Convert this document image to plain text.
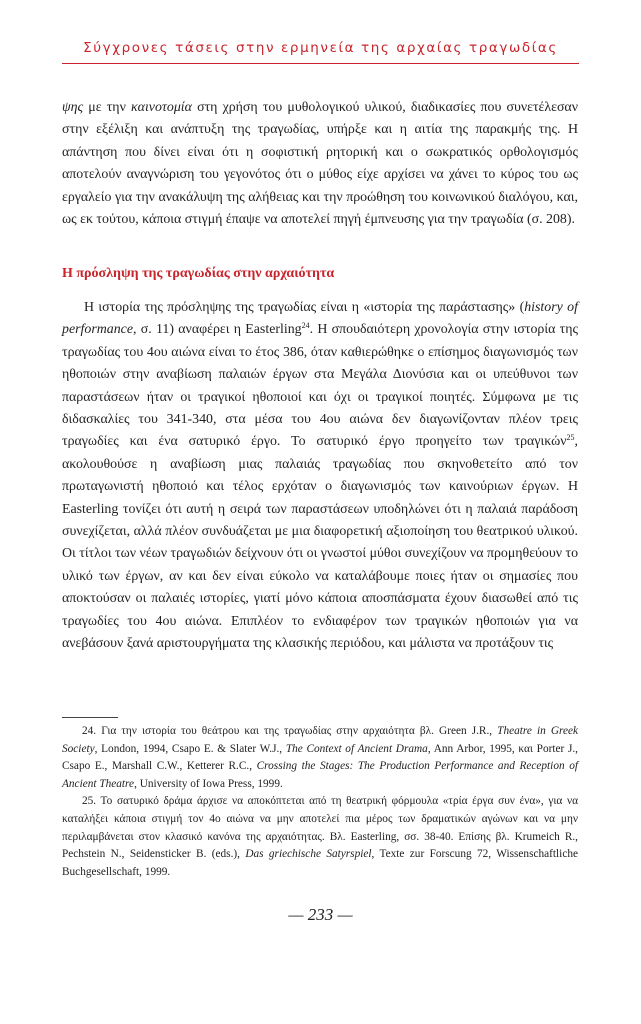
Σύγχρονες τάσεις στην ερμηνεία της αρχαίας τραγωδίας

ψης με την καινοτομία στη χρήση του μυθολογικού υλικού, διαδικασίες που συνετέλεσαν στην εξέλιξη και ανάπτυξη της τραγωδίας, υπήρξε και η αιτία της παρακμής της. Η απάντηση που δίνει είναι ότι η σοφιστική ρητορική και ο σωκρατικός ορθολογισμός αποτελούν αναγνώριση του γεγονότος ότι ο μύθος είχε αρχίσει να χάνει το κύρος του ως εργαλείο για την ανακάλυψη της αλήθειας και την προώθηση του κοινωνικού διαλόγου, και, ως εκ τούτου, κάποια στιγμή έπαψε να αποτελεί πηγή έμπνευσης για την τραγωδία (σ. 208).

Η πρόσληψη της τραγωδίας στην αρχαιότητα

Η ιστορία της πρόσληψης της τραγωδίας είναι η «ιστορία της παράστασης» (history of performance, σ. 11) αναφέρει η Easterling$^{24}$. Η σπουδαιότερη χρονολογία στην ιστορία της τραγωδίας του 4ου αιώνα είναι το έτος 386, όταν καθιερώθηκε ο επίσημος διαγωνισμός των ηθοποιών στην αναβίωση παλαιών έργων στα Μεγάλα Διονύσια και οι υπεύθυνοι των παραστάσεων ήταν οι τραγικοί ηθοποιοί και όχι οι τραγικοί ποιητές. Σύμφωνα με τις διδασκαλίες του 341-340, στα μέσα του 4ου αιώνα δεν διαγωνίζονταν πλέον τρεις τραγωδίες και ένα σατυρικό έργο. Το σατυρικό έργο προηγείτο των τραγικών$^{25}$, ακολουθούσε η αναβίωση μιας παλαιάς τραγωδίας που σκηνοθετείτο από τον πρωταγωνιστή ηθοποιό και τέλος ερχόταν ο διαγωνισμός των καινούριων έργων. Η Easterling τονίζει ότι αυτή η σειρά των παραστάσεων υποδηλώνει ότι η παλαιά παράδοση συνεχίζεται, αλλά πλέον συνδυάζεται με μια διαφορετική αξιοποίηση του θεατρικού υλικού. Οι τίτλοι των νέων τραγωδιών δείχνουν ότι οι γνωστοί μύθοι συνεχίζουν να προμηθεύουν το υλικό των έργων, αν και δεν είναι εύκολο να καταλάβουμε ποιες ήταν οι σημασίες που αποκτούσαν οι παλαιές ιστορίες, γιατί μόνο κάποια αποσπάσματα έχουν διασωθεί από τις τραγωδίες του 4ου αιώνα. Επιπλέον το ενδιαφέρον των τραγικών ηθοποιών για να ανεβάσουν ξανά αριστουργήματα της κλασικής περιόδου, και μάλιστα να προτάξουν τις

24. Για την ιστορία του θεάτρου και της τραγωδίας στην αρχαιότητα βλ. Green J.R., Theatre in Greek Society, London, 1994, Csapo E. & Slater W.J., The Context of Ancient Drama, Ann Arbor, 1995, και Porter J., Csapo E., Marshall C.W., Ketterer R.C., Crossing the Stages: The Production Performance and Reception of Ancient Theatre, University of Iowa Press, 1999.

25. Το σατυρικό δράμα άρχισε να αποκόπτεται από τη θεατρική φόρμουλα «τρία έργα συν ένα», για να καταλήξει κάποια στιγμή τον 4ο αιώνα να μην αποτελεί πια μέρος των δραματικών αγώνων και να μην περιλαμβάνεται στον κλασικό κανόνα της αρχαιότητας. Βλ. Easterling, σσ. 38-40. Επίσης βλ. Krumeich R., Pechstein N., Seidensticker B. (eds.), Das griechische Satyrspiel, Texte zur Forscung 72, Wissenschaftliche Buchgesellschaft, 1999.

— 233 —
